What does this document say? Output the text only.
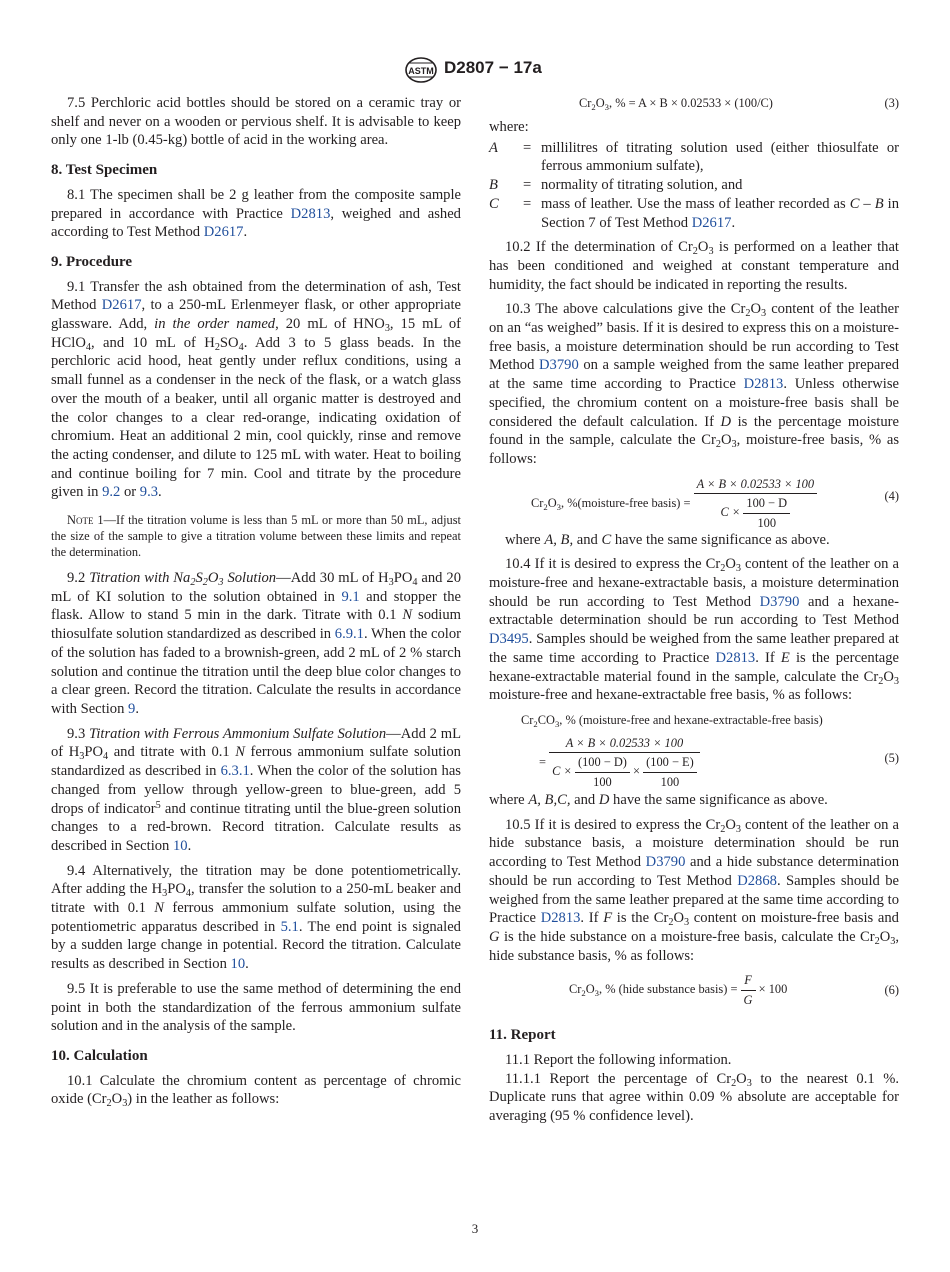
ASTM D2807 − 17a

7.5 Perchloric acid bottles should be stored on a ceramic tray or shelf and never on a wooden or pervious shelf. It is advisable to keep only one 1-lb (0.45-kg) bottle of acid in the working area.

8. Test Specimen

8.1 The specimen shall be 2 g leather from the composite sample prepared in accordance with Practice D2813, weighed and ashed according to Test Method D2617.

9. Procedure

9.1 Transfer the ash obtained from the determination of ash, Test Method D2617, to a 250-mL Erlenmeyer flask, or other appropriate glassware. Add, in the order named, 20 mL of $HNO_3$, 15 mL of HClO$_4$, and 10 mL of $H_2SO_4$. Add 3 to 5 glass beads. In the perchloric acid hood, heat gently under reflux conditions, using a small funnel as a condenser in the neck of the flask, or a watch glass over the mouth of a beaker, until all organic matter is destroyed and the color changes to a clear red-orange, indicating oxidation of chromium. Heat an additional 2 min, cool quickly, rinse and remove the acting condenser, and dilute to 125 mL with water. Heat to boiling and continue boiling for 7 min. Cool and titrate by the procedure given in 9.2 or 9.3.

Note 1—If the titration volume is less than 5 mL or more than 50 mL, adjust the size of the sample to give a titration volume between these limits and repeat the determination.

9.2 Titration with $Na_2S_2O_3$ Solution—Add 30 mL of $H_3PO_4$ and 20 mL of KI solution to the solution obtained in 9.1 and stopper the flask. Allow to stand 5 min in the dark. Titrate with 0.1 N sodium thiosulfate solution standardized as described in 6.9.1. When the color of the solution has faded to a brownish-green, add 2 mL of 2 % starch solution and continue the titration until the deep blue color changes to a clear green. Record the titration. Calculate the results in accordance with Section 9.

9.3 Titration with Ferrous Ammonium Sulfate Solution—Add 2 mL of $H_3PO_4$ and titrate with 0.1 N ferrous ammonium sulfate solution standardized as described in 6.3.1. When the color of the solution has changed from yellow through yellow-green to blue-green, add 5 drops of indicator$^5$ and continue titrating until the blue-green solution changes to a red-brown. Record titration. Calculate results as described in Section 10.

9.4 Alternatively, the titration may be done potentiometrically. After adding the $H_3PO_4$, transfer the solution to a 250-mL beaker and titrate with 0.1 N ferrous ammonium sulfate solution, using the potentiometric apparatus described in 5.1. The end point is signaled by a sudden large change in potential. Record the titration. Calculate results as described in Section 10.

9.5 It is preferable to use the same method of determining the end point in both the standardization of the ferrous ammonium sulfate solution and in the analysis of the sample.

10. Calculation

10.1 Calculate the chromium content as percentage of chromic oxide $(Cr_2O_3)$ in the leather as follows:

$Cr_2O_3$, % = A × B × 0.02533 × (100/C)	(3)

where:

A	= millilitres of titrating solution used (either thiosulfate or ferrous ammonium sulfate),
B	= normality of titrating solution, and
C	= mass of leather. Use the mass of leather recorded as C – B in Section 7 of Test Method D2617.

10.2 If the determination of $Cr_2O_3$ is performed on a leather that has been conditioned and weighed at constant temperature and humidity, the fact should be indicated in reporting the results.

10.3 The above calculations give the $Cr_2O_3$ content of the leather on an “as weighed” basis. If it is desired to express this on a moisture-free basis, a moisture determination should be run according to Test Method D3790 on a sample weighed from the same leather prepared at the same time according to Practice D2813. Unless otherwise specified, the chromium content on a moisture-free basis shall be considered the default calculation. If D is the percentage moisture found in the sample, calculate the $Cr_2O_3$, moisture-free basis, % as follows:

$Cr_2O_3$, %(moisture-free basis) = $\frac{A \times B \times 0.02533 \times 100}{C \times \frac{100 - D}{100}}$	(4)

where A, B, and C have the same significance as above.

10.4 If it is desired to express the $Cr_2O_3$ content of the leather on a moisture-free and hexane-extractable basis, a moisture determination should be run according to Test Method D3790 and a hexane-extractable determination should be run according to Test Method D3495. Samples should be weighed from the same leather prepared at the same time according to Practice D2813. If E is the percentage hexane-extractable material found in the sample, calculate the $Cr_2O_3$ moisture-free and hexane-extractable free basis, % as follows:

$Cr_2CO_3$, % (moisture-free and hexane-extractable-free basis)
=
A × B × 0.02533 × 100
$C \times \frac{(100 - D)}{100} \times \frac{(100 - E)}{100}$	(5)

where A, B,C, and D have the same significance as above.

10.5 If it is desired to express the $Cr_2O_3$ content of the leather on a hide substance basis, a moisture determination should be run according to Test Method D3790 and a hide substance determination should be run according to Test Method D2868. Samples should be weighed from the same leather prepared at the same time according to Practice D2813. If F is the $Cr_2O_3$ content on moisture-free basis and G is the hide substance on a moisture-free basis, calculate the $Cr_2O_3$, hide substance basis, % as follows:

$Cr_2O_3$, % (hide substance basis) = $\frac{F}{G} \times 100$	(6)
11. Report

11.1 Report the following information.

11.1.1 Report the percentage of $Cr_2O_3$ to the nearest 0.1 %. Duplicate runs that agree within 0.09 % absolute are acceptable for averaging (95 % confidence level).

3
